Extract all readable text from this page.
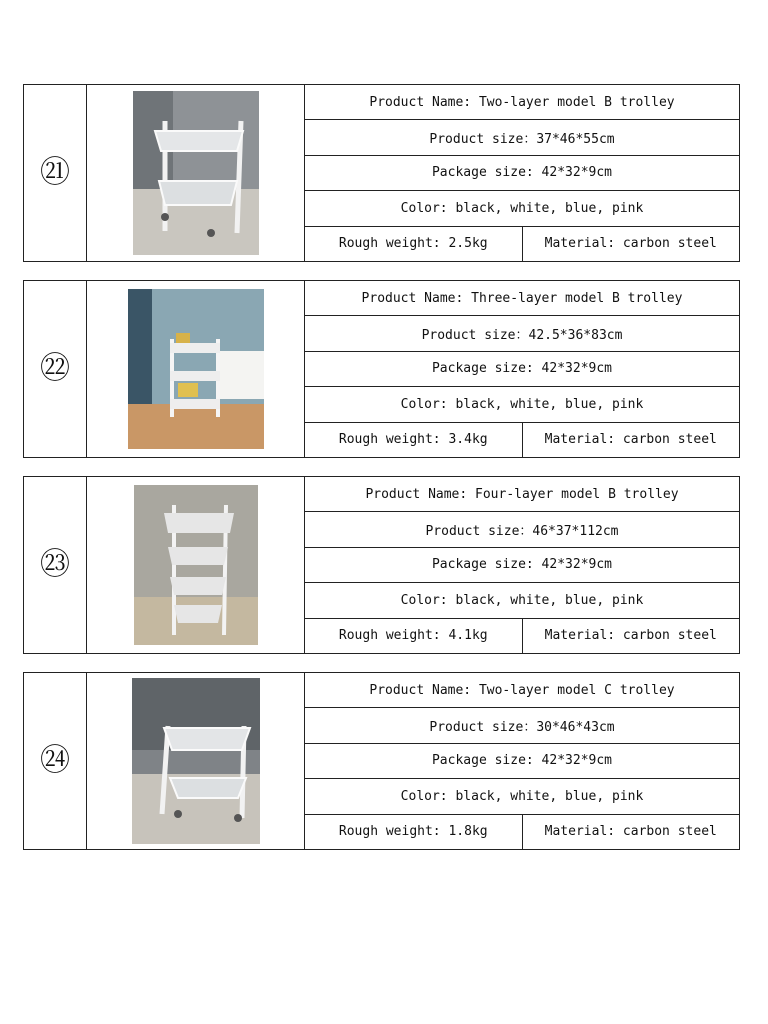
㉑		Product Name: Two-layer model B trolley	
		Product size：37*46*55cm	
		Package size: 42*32*9cm	
		Color: black, white, blue, pink	
		Rough weight: 2.5kg	Material: carbon steel
㉒		Product Name: Three-layer model B trolley	
		Product size：42.5*36*83cm	
		Package size: 42*32*9cm	
		Color: black, white, blue, pink	
		Rough weight: 3.4kg	Material: carbon steel
㉓		Product Name: Four-layer model B trolley	
		Product size：46*37*112cm	
		Package size: 42*32*9cm	
		Color: black, white, blue, pink	
		Rough weight: 4.1kg	Material: carbon steel
㉔		Product Name: Two-layer model C trolley	
		Product size：30*46*43cm	
		Package size: 42*32*9cm	
		Color: black, white, blue, pink	
		Rough weight: 1.8kg	Material: carbon steel
